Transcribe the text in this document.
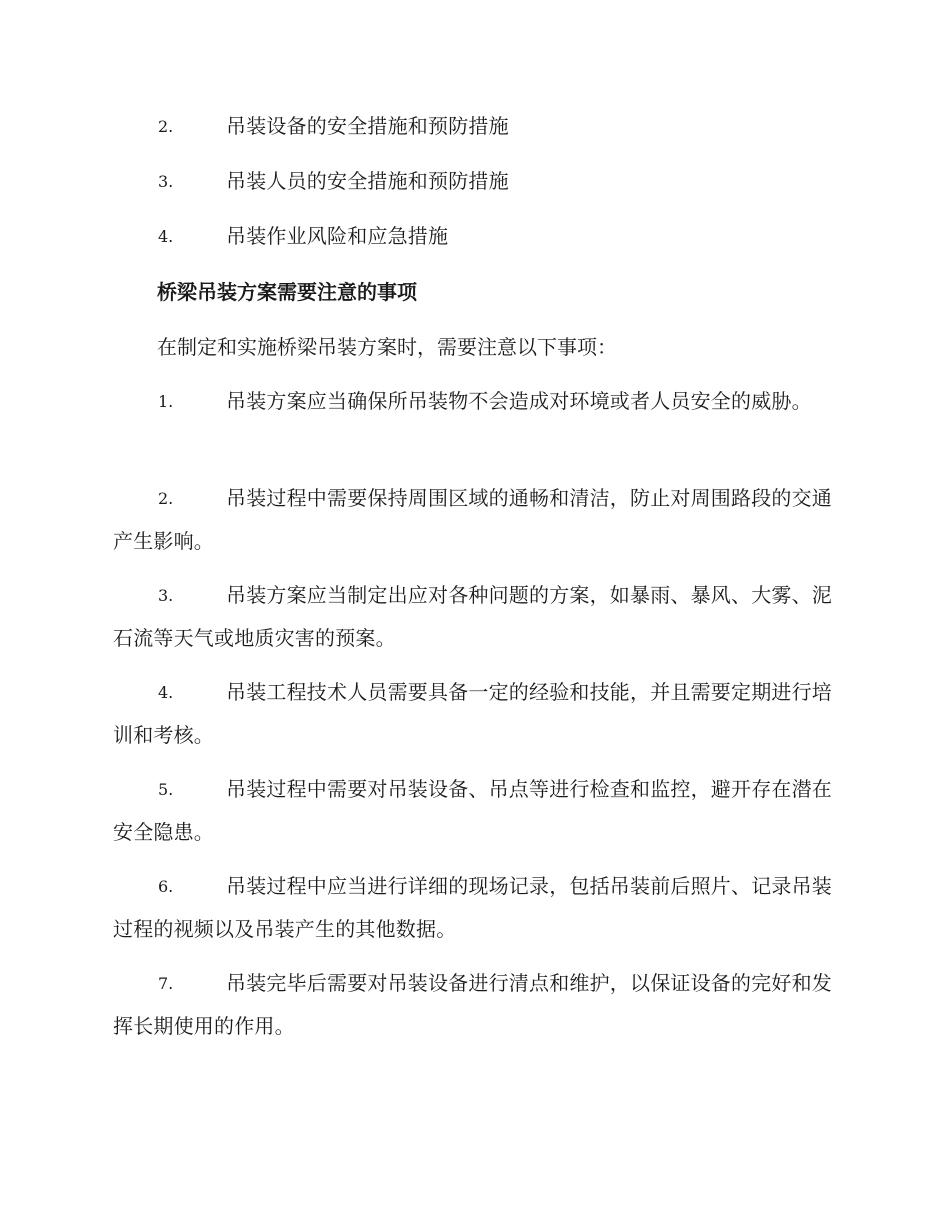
2.	吊装设备的安全措施和预防措施
3.	吊装人员的安全措施和预防措施
4.	吊装作业风险和应急措施
桥梁吊装方案需要注意的事项
在制定和实施桥梁吊装方案时，需要注意以下事项：
1.	吊装方案应当确保所吊装物不会造成对环境或者人员安全的威胁。
2.	吊装过程中需要保持周围区域的通畅和清洁，防止对周围路段的交通产生影响。
3.	吊装方案应当制定出应对各种问题的方案，如暴雨、暴风、大雾、泥石流等天气或地质灾害的预案。
4.	吊装工程技术人员需要具备一定的经验和技能，并且需要定期进行培训和考核。
5.	吊装过程中需要对吊装设备、吊点等进行检查和监控，避开存在潜在安全隐患。
6.	吊装过程中应当进行详细的现场记录，包括吊装前后照片、记录吊装过程的视频以及吊装产生的其他数据。
7.	吊装完毕后需要对吊装设备进行清点和维护，以保证设备的完好和发挥长期使用的作用。
